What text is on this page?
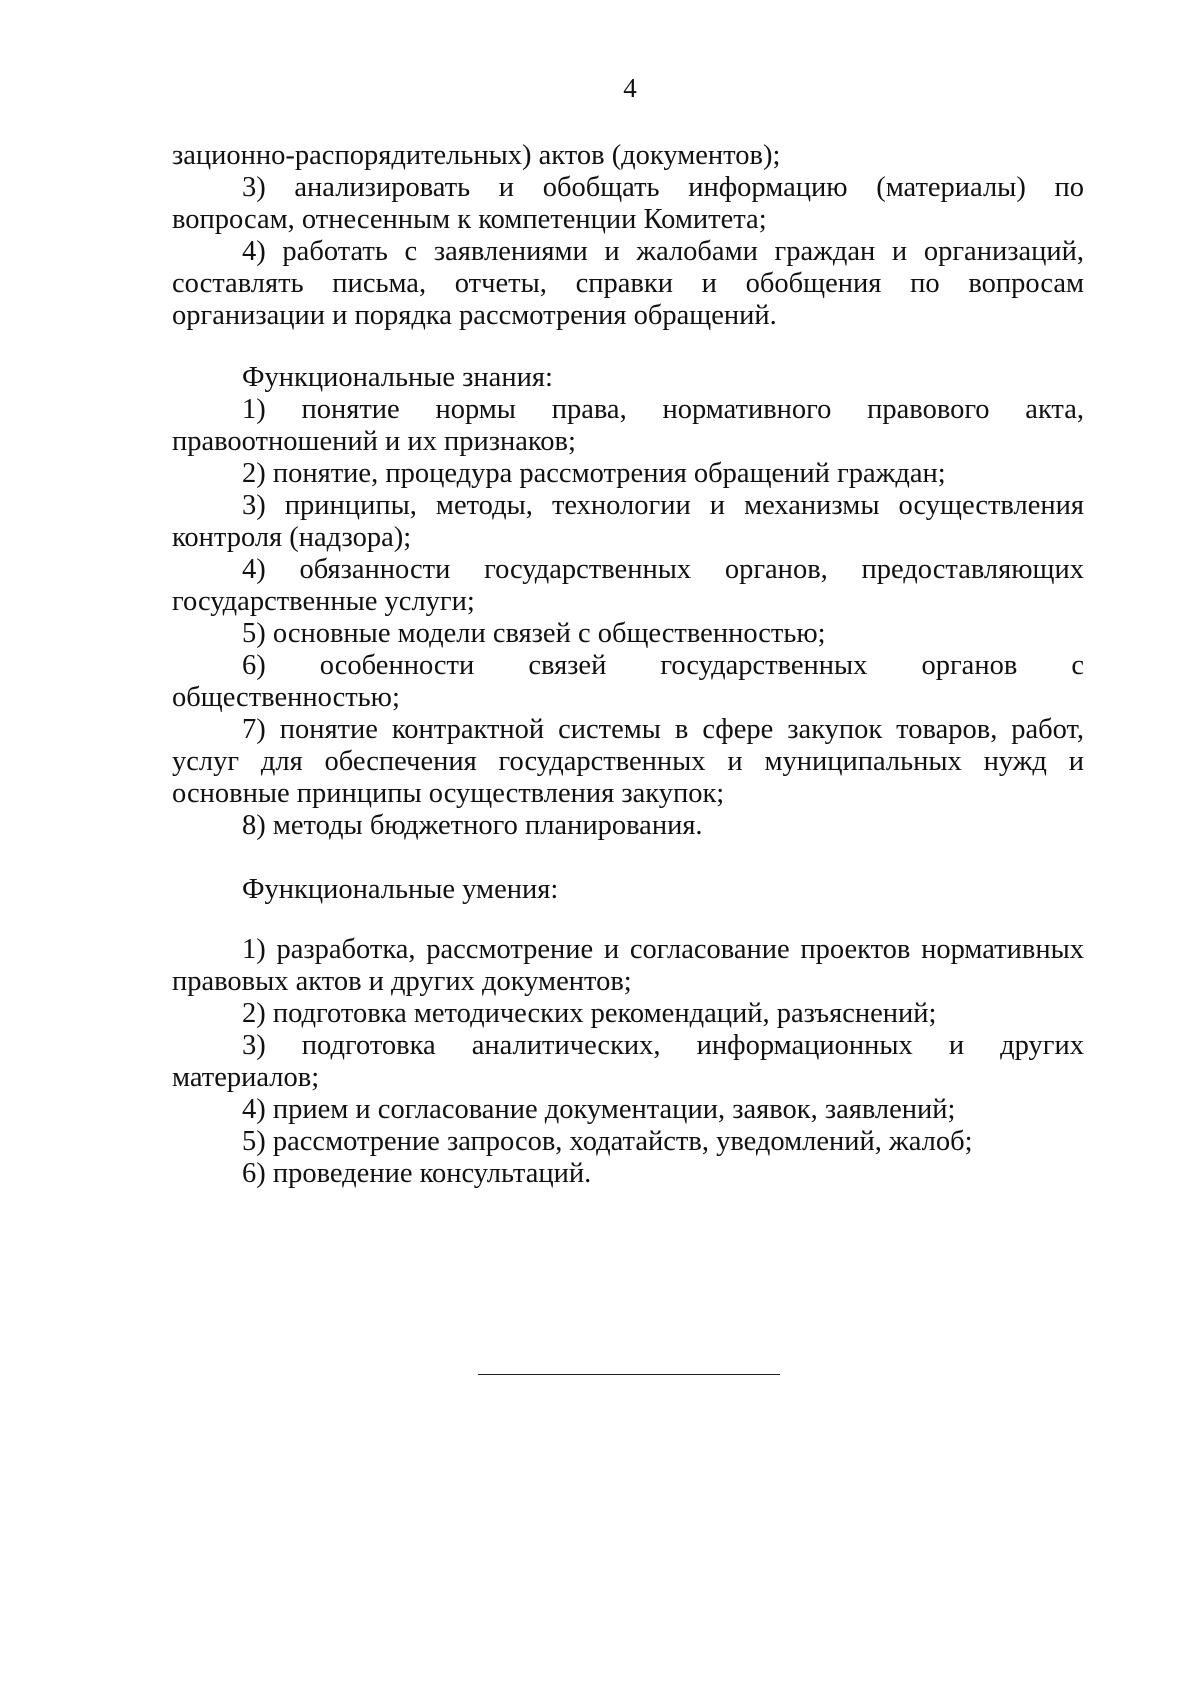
4

зационно-распорядительных) актов (документов);

3) анализировать и обобщать информацию (материалы) по вопросам, отнесенным к компетенции Комитета;

4) работать с заявлениями и жалобами граждан и организаций, составлять письма, отчеты, справки и обобщения по вопросам организации и порядка рассмотрения обращений.

Функциональные знания:

1) понятие нормы права, нормативного правового акта, правоотношений и их признаков;

2) понятие, процедура рассмотрения обращений граждан;

3) принципы, методы, технологии и механизмы осуществления контроля (надзора);

4) обязанности государственных органов, предоставляющих государственные услуги;

5) основные модели связей с общественностью;

6) особенности связей государственных органов с общественностью;

7) понятие контрактной системы в сфере закупок товаров, работ, услуг для обеспечения государственных и муниципальных нужд и основные принципы осуществления закупок;

8) методы бюджетного планирования.

Функциональные умения:

1) разработка, рассмотрение и согласование проектов нормативных правовых актов и других документов;

2) подготовка методических рекомендаций, разъяснений;

3) подготовка аналитических, информационных и других материалов;

4) прием и согласование документации, заявок, заявлений;

5) рассмотрение запросов, ходатайств, уведомлений, жалоб;

6) проведение консультаций.
